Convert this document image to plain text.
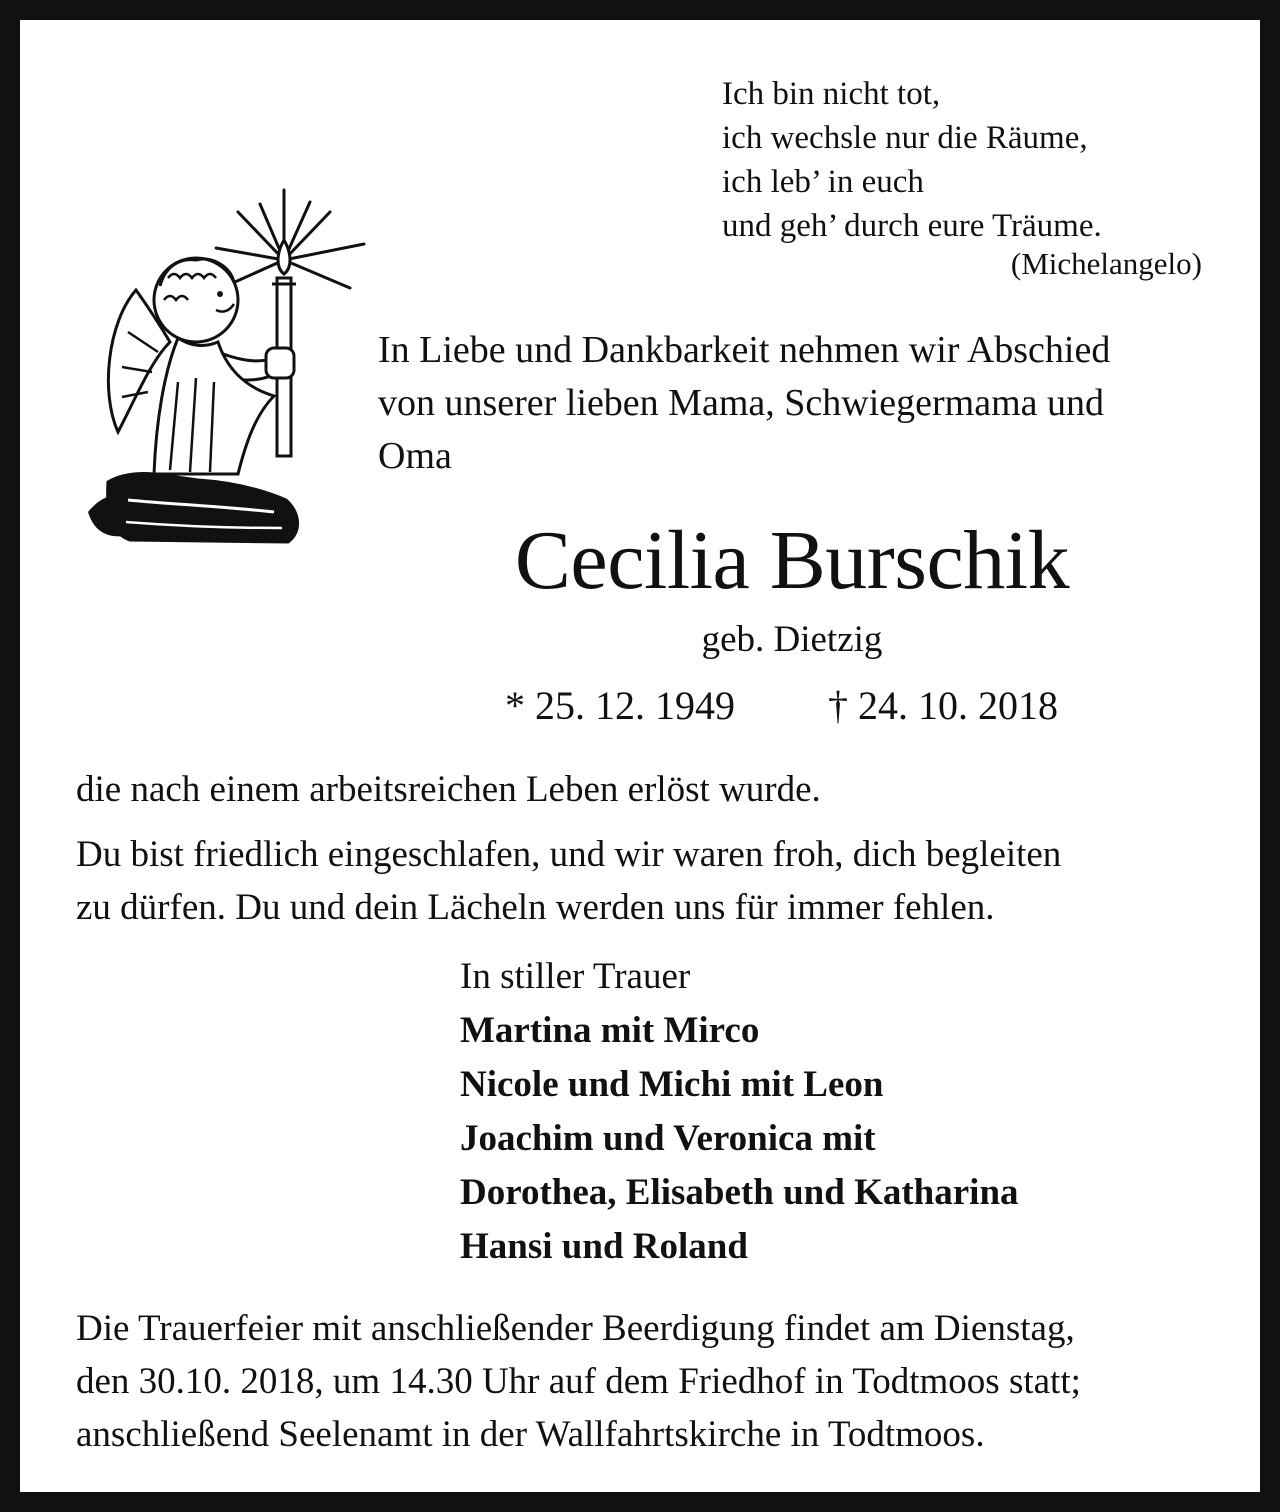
Ich bin nicht tot,
ich wechsle nur die Räume,
ich leb’ in euch
und geh’ durch eure Träume.
(Michelangelo)
In Liebe und Dankbarkeit nehmen wir Abschied
von unserer lieben Mama, Schwiegermama und
Oma
Cecilia Burschik
geb. Dietzig
* 25. 12. 1949 † 24. 10. 2018
die nach einem arbeitsreichen Leben erlöst wurde.
Du bist friedlich eingeschlafen, und wir waren froh, dich begleiten
zu dürfen. Du und dein Lächeln werden uns für immer fehlen.
In stiller Trauer
Martina mit Mirco
Nicole und Michi mit Leon
Joachim und Veronica mit
Dorothea, Elisabeth und Katharina
Hansi und Roland
Die Trauerfeier mit anschließender Beerdigung findet am Dienstag,
den 30.10. 2018, um 14.30 Uhr auf dem Friedhof in Todtmoos statt;
anschließend Seelenamt in der Wallfahrtskirche in Todtmoos.
